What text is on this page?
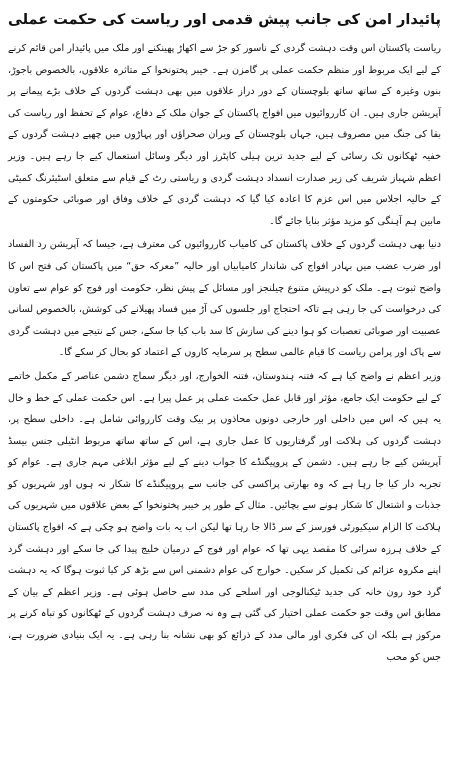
پائیدار امن کی جانب پیش قدمی اور ریاست کی حکمت عملی

ریاست پاکستان اس وقت دہشت گردی کے ناسور کو جڑ سے اکھاڑ پھینکنے اور ملک میں پائیدار امن قائم کرنے کے لیے ایک مربوط اور منظم حکمت عملی پر گامزن ہے۔ خیبر پختونخوا کے متاثرہ علاقوں، بالخصوص باجوڑ، بنوں وغیرہ کے ساتھ ساتھ بلوچستان کے دور دراز علاقوں میں بھی دہشت گردوں کے خلاف بڑے پیمانے پر آپریشن جاری ہیں۔ ان کارروائیوں میں افواج پاکستان کے جوان ملک کے دفاع، عوام کے تحفظ اور ریاست کی بقا کی جنگ میں مصروف ہیں، جہاں بلوچستان کے ویران صحراؤں اور پہاڑوں میں چھپے دہشت گردوں کے خفیہ ٹھکانوں تک رسائی کے لیے جدید ترین ہیلی کاپٹرز اور دیگر وسائل استعمال کیے جا رہے ہیں۔ وزیر اعظم شہباز شریف کی زیر صدارت انسداد دہشت گردی و ریاستی رٹ کے قیام سے متعلق اسٹیئرنگ کمیٹی کے حالیہ اجلاس میں اس عزم کا اعادہ کیا گیا کہ دہشت گردی کے خلاف وفاق اور صوبائی حکومتوں کے مابین ہم آہنگی کو مزید مؤثر بنایا جائے گا۔

دنیا بھی دہشت گردوں کے خلاف پاکستان کی کامیاب کارروائیوں کی معترف ہے، جیسا کہ آپریشن رد الفساد اور ضرب عضب میں بہادر افواج کی شاندار کامیابیاں اور حالیہ ”معرکہ حق“ میں پاکستان کی فتح اس کا واضح ثبوت ہے۔ ملک کو درپیش متنوع چیلنجز اور مسائل کے پیش نظر، حکومت اور فوج کو عوام سے تعاون کی درخواست کی جا رہی ہے تاکہ احتجاج اور جلسوں کی آڑ میں فساد پھیلانے کی کوشش، بالخصوص لسانی عصبیت اور صوبائی تعصبات کو ہوا دینے کی سازش کا سد باب کیا جا سکے، جس کے نتیجے میں دہشت گردی سے پاک اور پرامن ریاست کا قیام عالمی سطح پر سرمایہ کاروں کے اعتماد کو بحال کر سکے گا۔

وزیر اعظم نے واضح کیا ہے کہ فتنہ ہندوستان، فتنہ الخوارج، اور دیگر سماج دشمن عناصر کے مکمل خاتمے کے لیے حکومت ایک جامع، مؤثر اور قابل عمل حکمت عملی پر عمل پیرا ہے۔ اس حکمت عملی کے خط و خال یہ ہیں کہ اس میں داخلی اور خارجی دونوں محاذوں پر بیک وقت کارروائی شامل ہے۔ داخلی سطح پر، دہشت گردوں کی ہلاکت اور گرفتاریوں کا عمل جاری ہے، اس کے ساتھ ساتھ مربوط انٹیلی جنس بیسڈ آپریشن کیے جا رہے ہیں۔ دشمن کے پروپیگنڈے کا جواب دینے کے لیے مؤثر ابلاغی مہم جاری ہے۔ عوام کو تجربہ دار کیا جا رہا ہے کہ وہ بھارتی پراکسی کی جانب سے پروپیگنڈے کا شکار نہ ہوں اور شہریوں کو جذبات و اشتعال کا شکار ہونے سے بچائیں۔ مثال کے طور پر خیبر پختونخوا کے بعض علاقوں میں شہریوں کی ہلاکت کا الزام سیکیورٹی فورسز کے سر ڈالا جا رہا تھا لیکن اب یہ بات واضح ہو چکی ہے کہ افواج پاکستان کے خلاف ہرزہ سرائی کا مقصد یہی تھا کہ عوام اور فوج کے درمیان خلیج پیدا کی جا سکے اور دہشت گرد اپنے مکروہ عزائم کی تکمیل کر سکیں۔ خوارج کی عوام دشمنی اس سے بڑھ کر کیا ثبوت ہوگا کہ یہ دہشت گرد خود رون خانہ کی جدید ٹیکنالوجی اور اسلحے کی مدد سے حاصل ہوئی ہے۔ وزیر اعظم کے بیان کے مطابق اس وقت جو حکمت عملی اختیار کی گئی ہے وہ نہ صرف دہشت گردوں کے ٹھکانوں کو تباہ کرنے پر مرکوز ہے بلکہ ان کی فکری اور مالی مدد کے ذرائع کو بھی نشانہ بنا رہی ہے۔ یہ ایک بنیادی ضرورت ہے، جس کو محب
